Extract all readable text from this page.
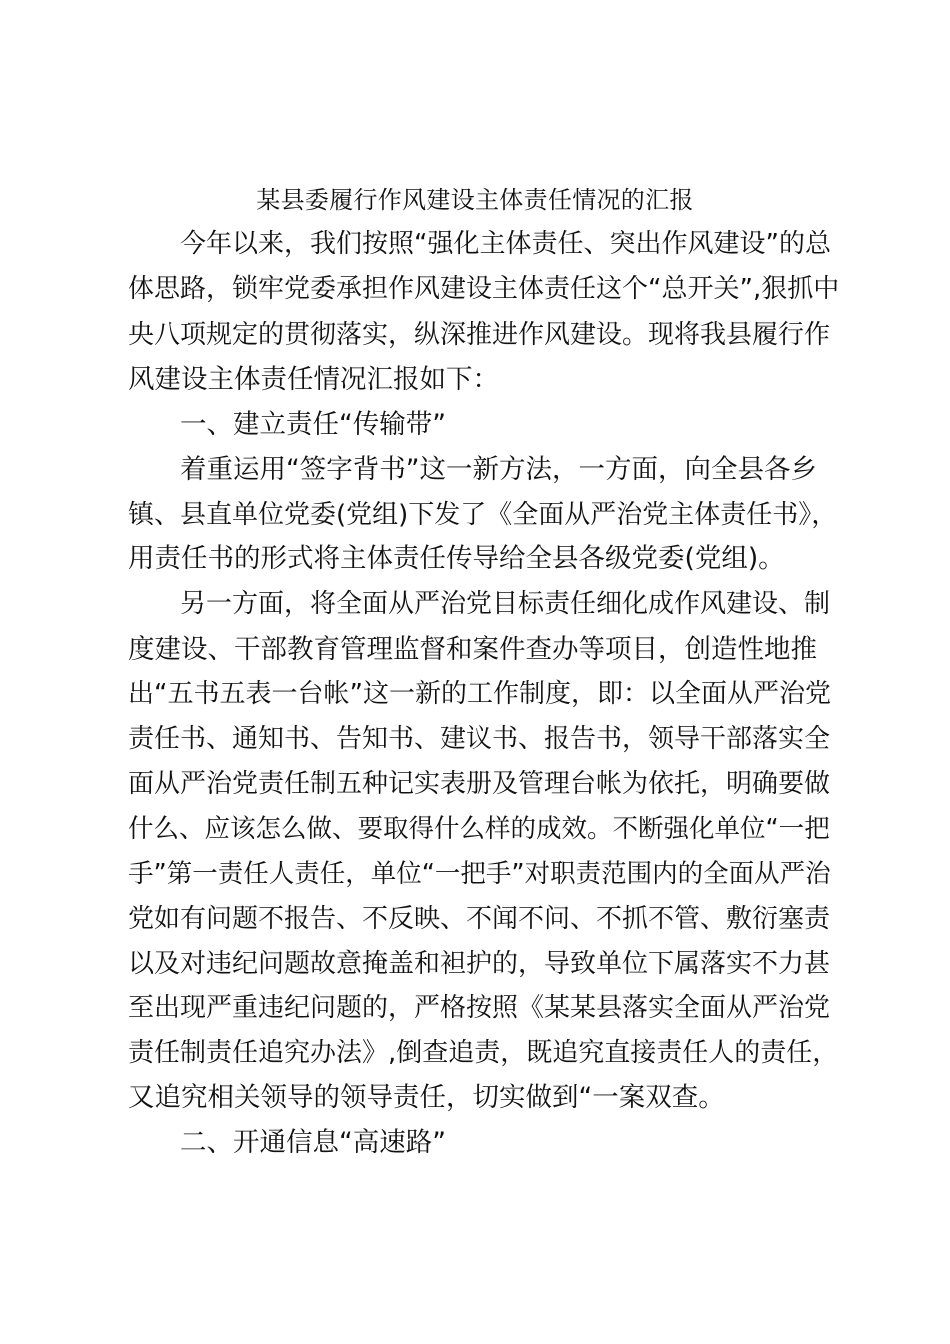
某县委履行作风建设主体责任情况的汇报
今年以来，我们按照“强化主体责任、突出作风建设”的总
体思路，锁牢党委承担作风建设主体责任这个“总开关”,狠抓中
央八项规定的贯彻落实，纵深推进作风建设。现将我县履行作
风建设主体责任情况汇报如下：
一、建立责任“传输带”
着重运用“签字背书”这一新方法，一方面，向全县各乡
镇、县直单位党委(党组)下发了《全面从严治党主体责任书》，
用责任书的形式将主体责任传导给全县各级党委(党组)。
另一方面，将全面从严治党目标责任细化成作风建设、制
度建设、干部教育管理监督和案件查办等项目，创造性地推
出“五书五表一台帐”这一新的工作制度，即：以全面从严治党
责任书、通知书、告知书、建议书、报告书，领导干部落实全
面从严治党责任制五种记实表册及管理台帐为依托，明确要做
什么、应该怎么做、要取得什么样的成效。不断强化单位“一把
手”第一责任人责任，单位“一把手”对职责范围内的全面从严治
党如有问题不报告、不反映、不闻不问、不抓不管、敷衍塞责
以及对违纪问题故意掩盖和袒护的，导致单位下属落实不力甚
至出现严重违纪问题的，严格按照《某某县落实全面从严治党
责任制责任追究办法》,倒查追责，既追究直接责任人的责任，
又追究相关领导的领导责任，切实做到“一案双查。
二、开通信息“高速路”
